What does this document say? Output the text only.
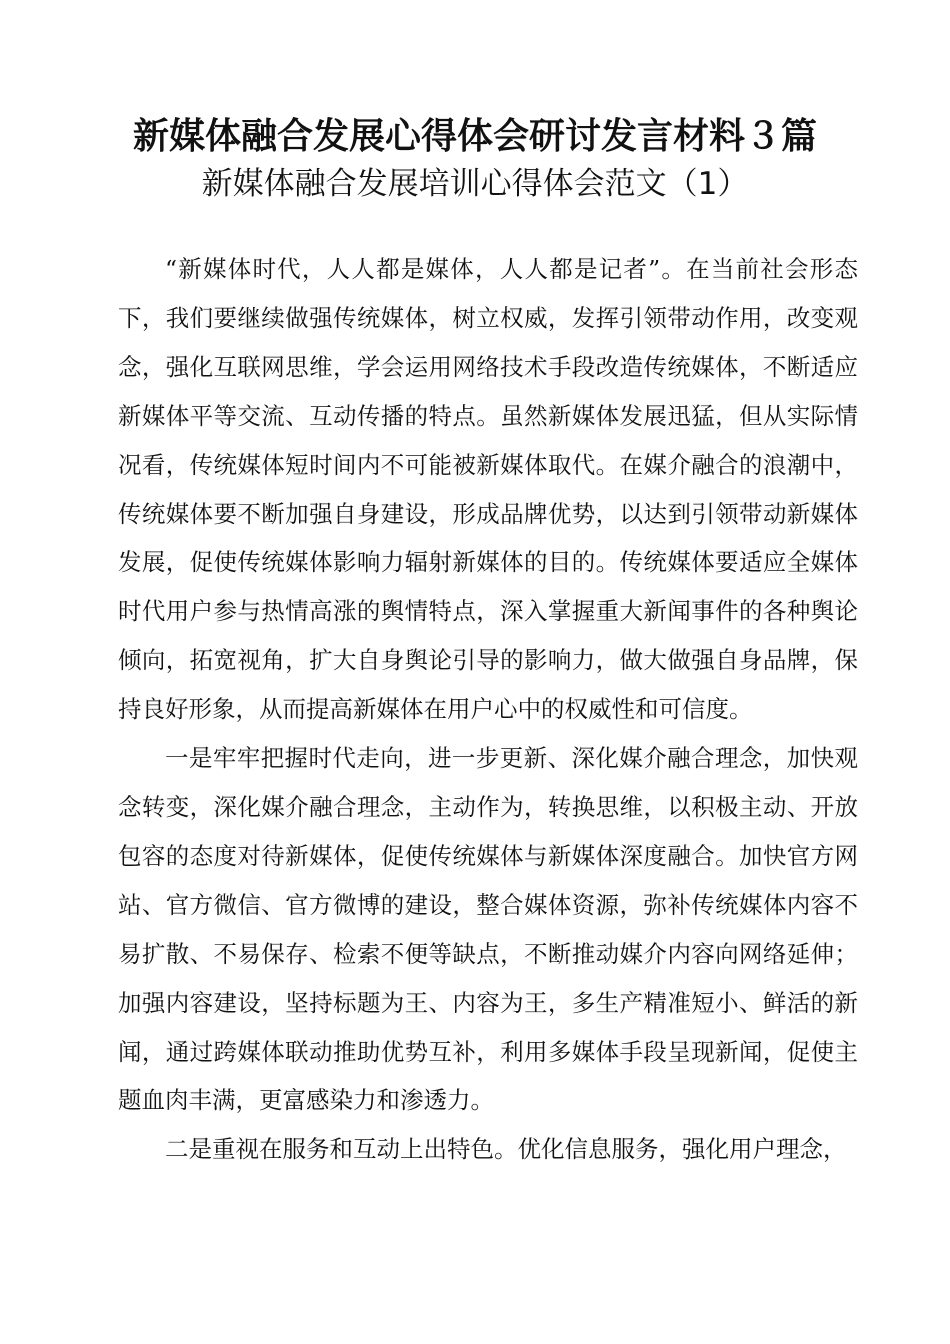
新媒体融合发展心得体会研讨发言材料３篇
新媒体融合发展培训心得体会范文（1）

“新媒体时代，人人都是媒体，人人都是记者”。在当前社会形态下，我们要继续做强传统媒体，树立权威，发挥引领带动作用，改变观念，强化互联网思维，学会运用网络技术手段改造传统媒体，不断适应新媒体平等交流、互动传播的特点。虽然新媒体发展迅猛，但从实际情况看，传统媒体短时间内不可能被新媒体取代。在媒介融合的浪潮中，传统媒体要不断加强自身建设，形成品牌优势，以达到引领带动新媒体发展，促使传统媒体影响力辐射新媒体的目的。传统媒体要适应全媒体时代用户参与热情高涨的舆情特点，深入掌握重大新闻事件的各种舆论倾向，拓宽视角，扩大自身舆论引导的影响力，做大做强自身品牌，保持良好形象，从而提高新媒体在用户心中的权威性和可信度。

一是牢牢把握时代走向，进一步更新、深化媒介融合理念，加快观念转变，深化媒介融合理念，主动作为，转换思维，以积极主动、开放包容的态度对待新媒体，促使传统媒体与新媒体深度融合。加快官方网站、官方微信、官方微博的建设，整合媒体资源，弥补传统媒体内容不易扩散、不易保存、检索不便等缺点，不断推动媒介内容向网络延伸；加强内容建设，坚持标题为王、内容为王，多生产精准短小、鲜活的新闻，通过跨媒体联动推助优势互补，利用多媒体手段呈现新闻，促使主题血肉丰满，更富感染力和渗透力。

二是重视在服务和互动上出特色。优化信息服务，强化用户理念，
